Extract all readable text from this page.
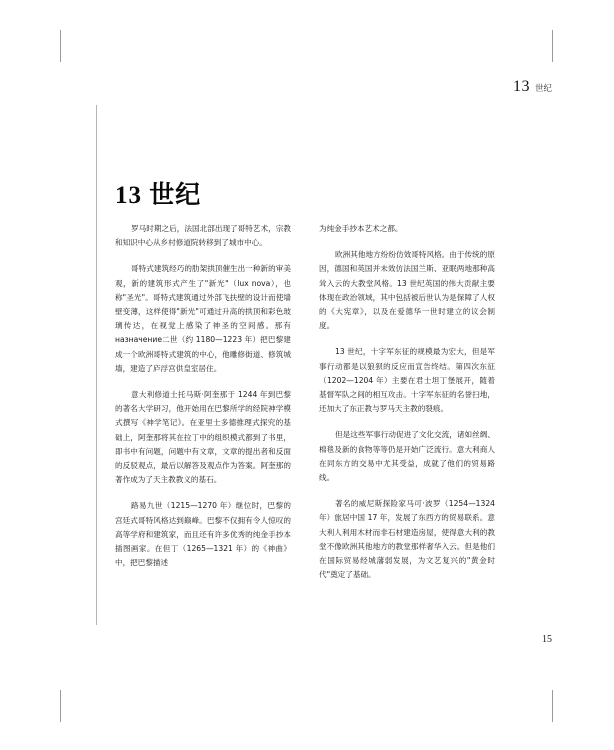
13 世纪
13 世纪

罗马时期之后，法国北部出现了哥特艺术，宗教和知识中心从乡村修道院转移到了城市中心。

哥特式建筑经巧的肋架拱顶催生出一种新的审美观，新的建筑形式产生了"新光"（lux nova），也称"圣光"。哥特式建筑通过外部飞扶壁的设计而使墙壁变薄，这样使得"新光"可通过升高的拱顶和彩色玻璃传达，在视觉上感染了神圣的空间感。那有назначение二世（约 1180—1223 年）把巴黎建成一个欧洲哥特式建筑的中心，他雕修街道、修筑城墙，建造了庐浮宫供皇室居住。

意大利修道士托马斯·阿奎那于 1244 年到巴黎的著名大学研习，他开始用在巴黎所学的经院神学模式撰写《神学笔记》。在亚里士多德推理式探究的基础上，阿奎那将其在拉丁中的组织模式都到了书里，即书中有问题，问题中有文章，文章的提出者和反面的反驳观点，最后以解答及观点作为答案。阿奎那的著作成为了天主教教义的基石。

路易九世（1215—1270 年）继位时，巴黎的宫廷式哥特风格达到巅峰。巴黎不仅拥有令人惊叹的高等学府和建筑家，而且还有许多优秀的纯金手抄本插图画家。在但丁（1265—1321 年）的《神曲》中，把巴黎描述

为纯金手抄本艺术之都。

欧洲其他地方纷纷仿效哥特风格。由于传统的原因，德国和英国并未效仿法国兰斯、亚眠两地那种高耸入云的大教堂风格。13 世纪英国的伟大贡献主要体现在政治领域，其中包括被后世认为是保障了人权的《大宪章》，以及在爱德华一世时建立的议会制度。

13 世纪，十字军东征的规模最为宏大，但是军事行动都是以狼狈的反应而宣告终结。第四次东征（1202—1204 年）主要在君士坦丁堡展开，随着基督军队之间的相互攻击。十字军东征的名誉扫地，还加大了东正教与罗马天主教的裂痕。

但是这些军事行动促进了文化交流，诸如丝绸、棉毯及新的食物等等仍是开始广泛流行。意大利商人在同东方的交易中尤其受益，成就了他们的贸易路线。

著名的威尼斯探险家马可·波罗（1254—1324 年）旅居中国 17 年，发展了东西方的贸易联系。意大利人利用木材而非石材建造房屋，使得意大利的教堂不像欧洲其他地方的教堂那样奢华入云。但是他们在国际贸易经城藩弱发展，为文艺复兴的"黄金时代"奠定了基础。

15
